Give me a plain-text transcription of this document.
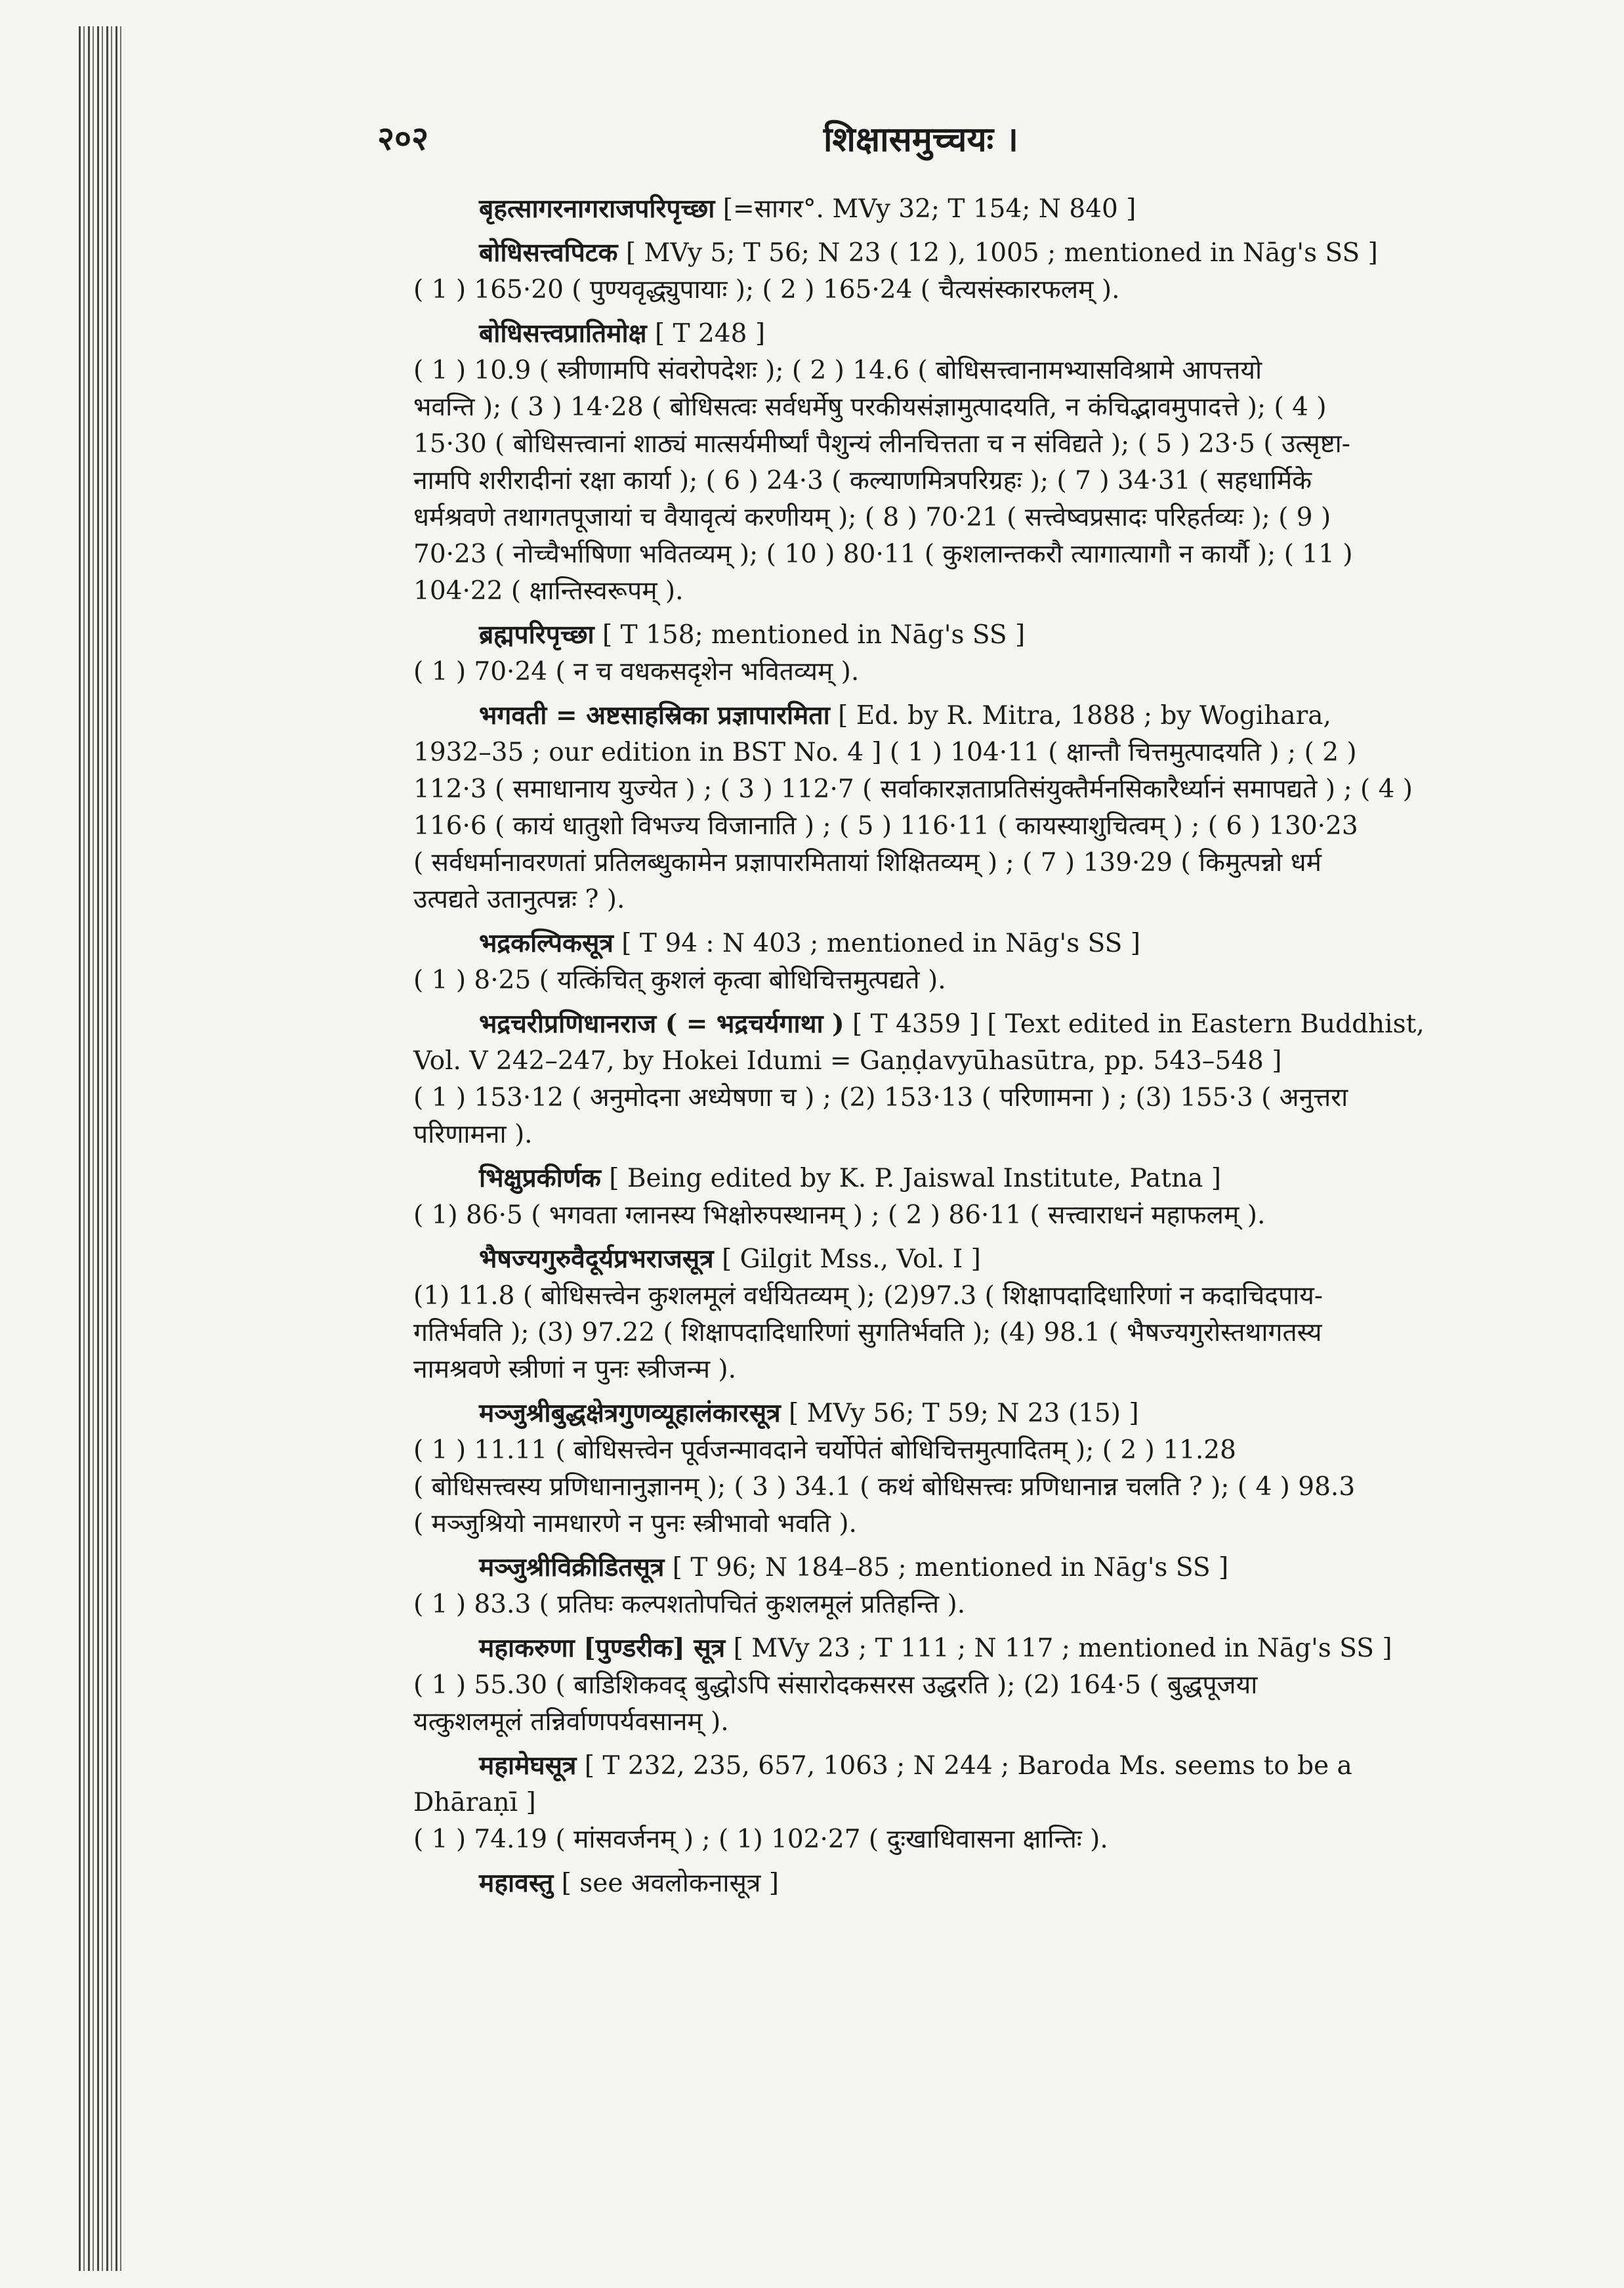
२०२	शिक्षासमुच्चयः ।
बृहत्सागरनागराजपरिपृच्छा [=सागर°. MVy 32; T 154; N 840 ]
बोधिसत्त्वपिटक [ MVy 5; T 56; N 23 ( 12 ), 1005 ; mentioned in Nāg's SS ]
( 1 ) 165·20 ( पुण्यवृद्ध्युपायाः ); ( 2 ) 165·24 ( चैत्यसंस्कारफलम् ).
बोधिसत्त्वप्रातिमोक्ष [ T 248 ]
( 1 ) 10.9 ( स्त्रीणामपि संवरोपदेशः ); ( 2 ) 14.6 ( बोधिसत्त्वानामभ्यासविश्रामे आपत्तयो
भवन्ति ); ( 3 ) 14·28 ( बोधिसत्वः सर्वधर्मेषु परकीयसंज्ञामुत्पादयति, न कंचिद्भावमुपादत्ते ); ( 4 )
15·30 ( बोधिसत्त्वानां शाठ्यं मात्सर्यमीर्ष्यां पैशुन्यं लीनचित्तता च न संविद्यते ); ( 5 ) 23·5 ( उत्सृष्टा-
नामपि शरीरादीनां रक्षा कार्या ); ( 6 ) 24·3 ( कल्याणमित्रपरिग्रहः ); ( 7 ) 34·31 ( सहधार्मिके
धर्मश्रवणे तथागतपूजायां च वैयावृत्यं करणीयम् ); ( 8 ) 70·21 ( सत्त्वेष्वप्रसादः परिहर्तव्यः ); ( 9 )
70·23 ( नोच्चैर्भाषिणा भवितव्यम् ); ( 10 ) 80·11 ( कुशलान्तकरौ त्यागात्यागौ न कार्यौ ); ( 11 )
104·22 ( क्षान्तिस्वरूपम् ).
ब्रह्मपरिपृच्छा [ T 158; mentioned in Nāg's SS ]
( 1 ) 70·24 ( न च वधकसदृशेन भवितव्यम् ).
भगवती = अष्टसाहस्रिका प्रज्ञापारमिता [ Ed. by R. Mitra, 1888 ; by Wogihara,
1932–35 ; our edition in BST No. 4 ] ( 1 ) 104·11 ( क्षान्तौ चित्तमुत्पादयति ) ; ( 2 )
112·3 ( समाधानाय युज्येत ) ; ( 3 ) 112·7 ( सर्वाकारज्ञताप्रतिसंयुक्तैर्मनसिकारैर्ध्यानं समापद्यते ) ; ( 4 )
116·6 ( कायं धातुशो विभज्य विजानाति ) ; ( 5 ) 116·11 ( कायस्याशुचित्वम् ) ; ( 6 ) 130·23
( सर्वधर्मानावरणतां प्रतिलब्धुकामेन प्रज्ञापारमितायां शिक्षितव्यम् ) ; ( 7 ) 139·29 ( किमुत्पन्नो धर्म
उत्पद्यते उतानुत्पन्नः ? ).
भद्रकल्पिकसूत्र [ T 94 : N 403 ; mentioned in Nāg's SS ]
( 1 ) 8·25 ( यत्किंचित् कुशलं कृत्वा बोधिचित्तमुत्पद्यते ).
भद्रचरीप्रणिधानराज ( = भद्रचर्यगाथा ) [ T 4359 ] [ Text edited in Eastern Buddhist,
Vol. V 242–247, by Hokei Idumi = Gaṇḍavyūhasūtra, pp. 543–548 ]
( 1 ) 153·12 ( अनुमोदना अध्येषणा च ) ; (2) 153·13 ( परिणामना ) ; (3) 155·3 ( अनुत्तरा
परिणामना ).
भिक्षुप्रकीर्णक [ Being edited by K. P. Jaiswal Institute, Patna ]
( 1) 86·5 ( भगवता ग्लानस्य भिक्षोरुपस्थानम् ) ; ( 2 ) 86·11 ( सत्त्वाराधनं महाफलम् ).
भैषज्यगुरुवैदूर्यप्रभराजसूत्र [ Gilgit Mss., Vol. I ]
(1) 11.8 ( बोधिसत्त्वेन कुशलमूलं वर्धयितव्यम् ); (2)97.3 ( शिक्षापदादिधारिणां न कदाचिदपाय-
गतिर्भवति ); (3) 97.22 ( शिक्षापदादिधारिणां सुगतिर्भवति ); (4) 98.1 ( भैषज्यगुरोस्तथागतस्य
नामश्रवणे स्त्रीणां न पुनः स्त्रीजन्म ).
मञ्जुश्रीबुद्धक्षेत्रगुणव्यूहालंकारसूत्र [ MVy 56; T 59; N 23 (15) ]
( 1 ) 11.11 ( बोधिसत्त्वेन पूर्वजन्मावदाने चर्योपेतं बोधिचित्तमुत्पादितम् ); ( 2 ) 11.28
( बोधिसत्त्वस्य प्रणिधानानुज्ञानम् ); ( 3 ) 34.1 ( कथं बोधिसत्त्वः प्रणिधानान्न चलति ? ); ( 4 ) 98.3
( मञ्जुश्रियो नामधारणे न पुनः स्त्रीभावो भवति ).
मञ्जुश्रीविक्रीडितसूत्र [ T 96; N 184–85 ; mentioned in Nāg's SS ]
( 1 ) 83.3 ( प्रतिघः कल्पशतोपचितं कुशलमूलं प्रतिहन्ति ).
महाकरुणा [पुण्डरीक] सूत्र [ MVy 23 ; T 111 ; N 117 ; mentioned in Nāg's SS ]
( 1 ) 55.30 ( बाडिशिकवद् बुद्धोऽपि संसारोदकसरस उद्धरति ); (2) 164·5 ( बुद्धपूजया
यत्कुशलमूलं तन्निर्वाणपर्यवसानम् ).
महामेघसूत्र [ T 232, 235, 657, 1063 ; N 244 ; Baroda Ms. seems to be a
Dhāraṇī ]
( 1 ) 74.19 ( मांसवर्जनम् ) ; ( 1) 102·27 ( दुःखाधिवासना क्षान्तिः ).
महावस्तु [ see अवलोकनासूत्र ]
